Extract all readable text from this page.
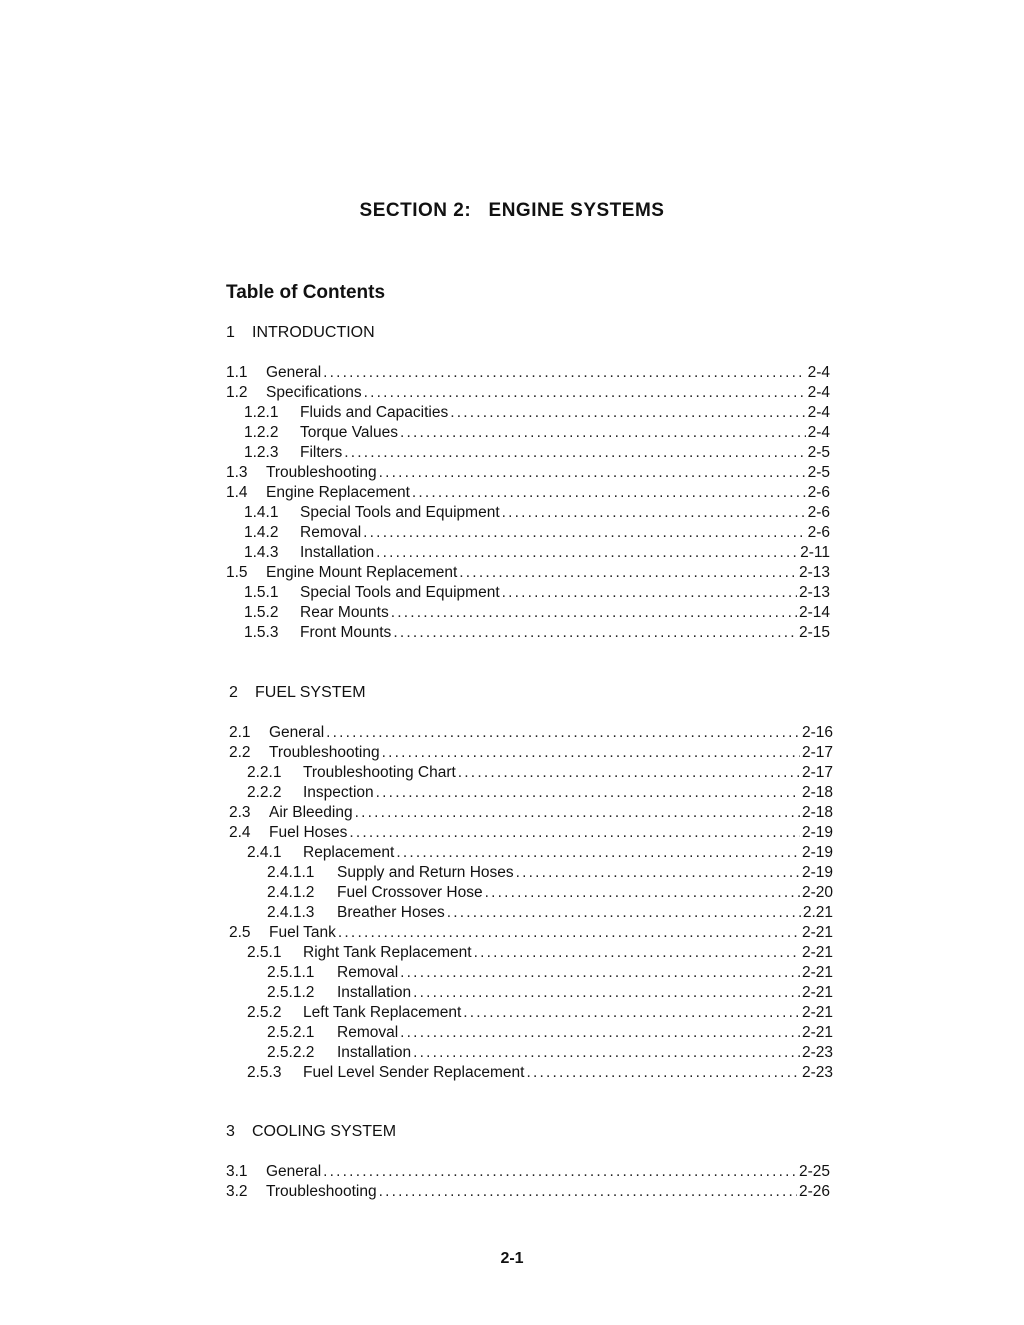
SECTION 2: ENGINE SYSTEMS
Table of Contents
1 INTRODUCTION
1.1	General .....	2-4
1.2	Specifications .....	2-4
1.2.1	Fluids and Capacities .....	2-4
1.2.2	Torque Values .....	2-4
1.2.3	Filters .....	2-5
1.3	Troubleshooting .....	2-5
1.4	Engine Replacement .....	2-6
1.4.1	Special Tools and Equipment .....	2-6
1.4.2	Removal .....	2-6
1.4.3	Installation .....	2-11
1.5	Engine Mount Replacement .....	2-13
1.5.1	Special Tools and Equipment .....	2-13
1.5.2	Rear Mounts .....	2-14
1.5.3	Front Mounts .....	2-15
2 FUEL SYSTEM
2.1	General .....	2-16
2.2	Troubleshooting .....	2-17
2.2.1	Troubleshooting Chart .....	2-17
2.2.2	Inspection .....	2-18
2.3	Air Bleeding .....	2-18
2.4	Fuel Hoses .....	2-19
2.4.1	Replacement .....	2-19
2.4.1.1	Supply and Return Hoses .....	2-19
2.4.1.2	Fuel Crossover Hose .....	2-20
2.4.1.3	Breather Hoses .....	2.21
2.5	Fuel Tank .....	2-21
2.5.1	Right Tank Replacement .....	2-21
2.5.1.1	Removal .....	2-21
2.5.1.2	Installation .....	2-21
2.5.2	Left Tank Replacement .....	2-21
2.5.2.1	Removal .....	2-21
2.5.2.2	Installation .....	2-23
2.5.3	Fuel Level Sender Replacement .....	2-23
3 COOLING SYSTEM
3.1	General .....	2-25
3.2	Troubleshooting .....	2-26
2-1
